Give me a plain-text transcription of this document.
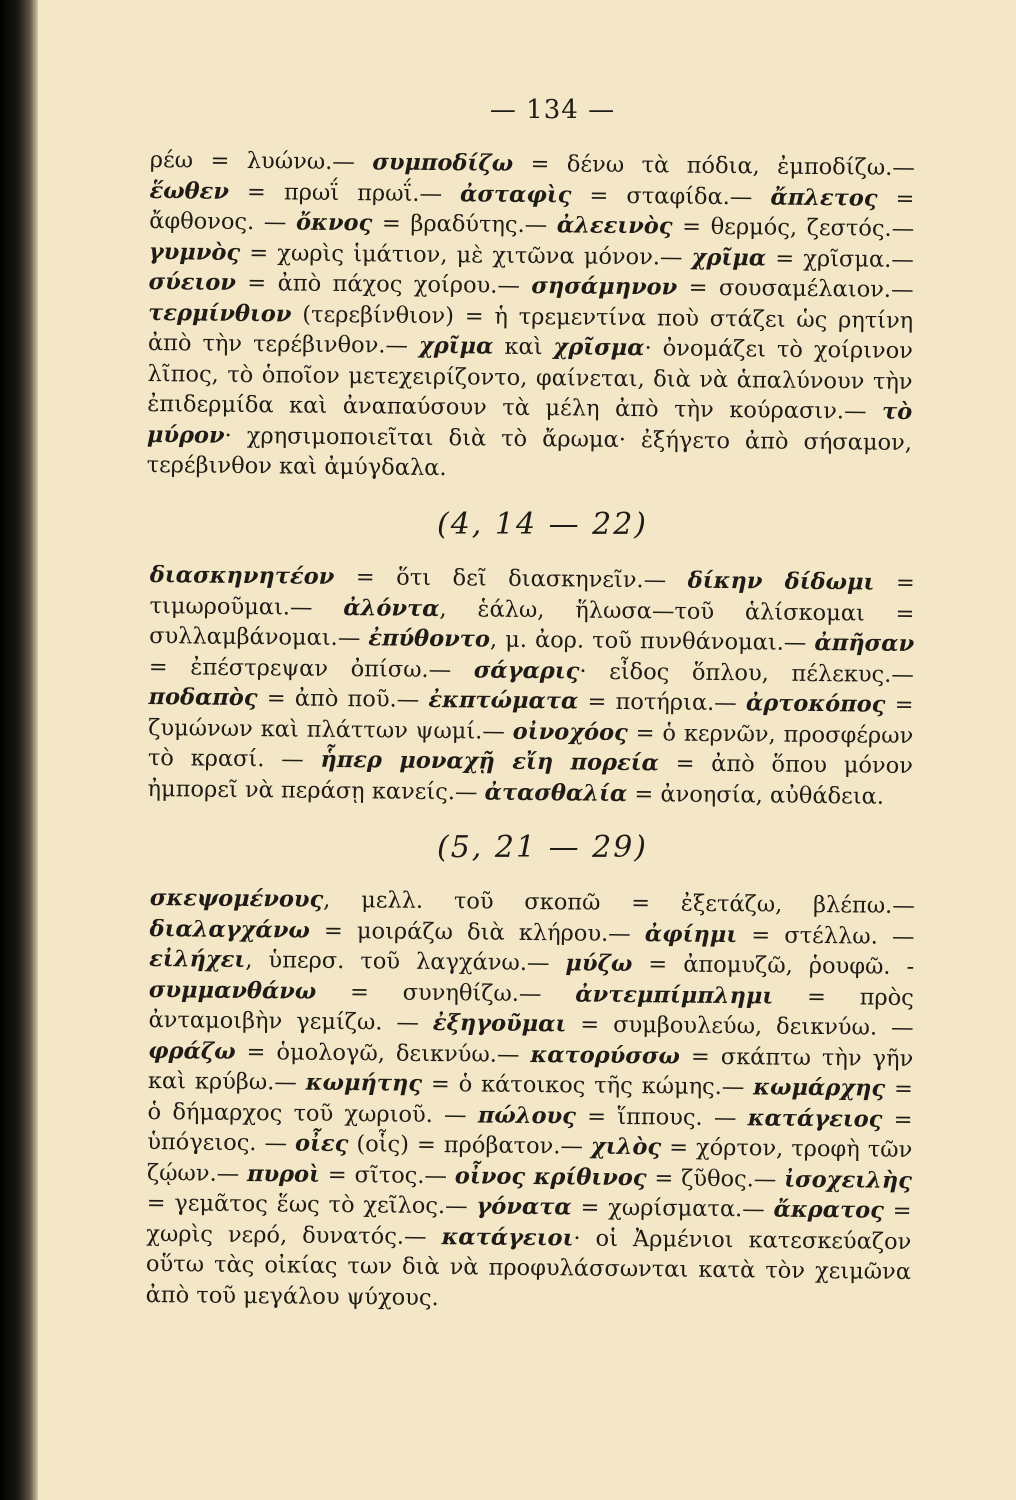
— 134 —

ρέω = λυώνω.— συμποδίζω = δένω τὰ πόδια, ἐμποδίζω.— ἕωθεν = πρωΐ πρωΐ.— ἀσταφὶς = σταφίδα.— ἄπλετος = ἄφθονος. — ὄκνος = βραδύτης.— ἀλεεινὸς = θερμός, ζεστός.— γυμνὸς = χωρὶς ἱμάτιον, μὲ χιτῶνα μόνον.— χρῖμα = χρῖσμα.— σύειον = ἀπὸ πάχος χοίρου.— σησάμηνον = σουσαμέλαιον.— τερμίνθιον (τερεβίνθιον) = ἡ τρεμεντίνα ποὺ στάζει ὡς ρητίνη ἀπὸ τὴν τερέβινθον.— χρῖμα καὶ χρῖσμα· ὀνομάζει τὸ χοίρινον λῖπος, τὸ ὁποῖον μετεχειρίζοντο, φαίνεται, διὰ νὰ ἁπαλύνουν τὴν ἐπιδερμίδα καὶ ἀναπαύσουν τὰ μέλη ἀπὸ τὴν κούρασιν.— τὸ μύρον· χρησιμοποιεῖται διὰ τὸ ἄρωμα· ἐξήγετο ἀπὸ σήσαμον, τερέβινθον καὶ ἀμύγδαλα.

(4, 14 — 22)

διασκηνητέον = ὅτι δεῖ διασκηνεῖν.— δίκην δίδωμι = τιμωροῦμαι.— ἀλόντα, ἑάλω, ἥλωσα—τοῦ ἁλίσκομαι = συλλαμβάνομαι.— ἐπύθοντο, μ. ἀορ. τοῦ πυνθάνομαι.— ἀπῆσαν = ἐπέστρεψαν ὀπίσω.— σάγαρις· εἶδος ὅπλου, πέλεκυς.— ποδαπὸς = ἀπὸ ποῦ.— ἐκπτώματα = ποτήρια.— ἀρτοκόπος = ζυμώνων καὶ πλάττων ψωμί.— οἰνοχόος = ὁ κερνῶν, προσφέρων τὸ κρασί. — ἧπερ μοναχῇ εἴη πορεία = ἀπὸ ὅπου μόνον ἠμπορεῖ νὰ περάσῃ κανείς.— ἀτασθαλία = ἀνοησία, αὐθάδεια.

(5, 21 — 29)

σκεψομένους, μελλ. τοῦ σκοπῶ = ἐξετάζω, βλέπω.— διαλαγχάνω = μοιράζω διὰ κλήρου.— ἀφίημι = στέλλω. — εἰλήχει, ὑπερσ. τοῦ λαγχάνω.— μύζω = ἀπομυζῶ, ῥουφῶ. - συμμανθάνω = συνηθίζω.— ἀντεμπίμπλημι = πρὸς ἀνταμοιβὴν γεμίζω. — ἐξηγοῦμαι = συμβουλεύω, δεικνύω. — φράζω = ὁμολογῶ, δεικνύω.— κατορύσσω = σκάπτω τὴν γῆν καὶ κρύβω.— κωμήτης = ὁ κάτοικος τῆς κώμης.— κωμάρχης = ὁ δήμαρχος τοῦ χωριοῦ. — πώλους = ἵππους. — κατάγειος = ὑπόγειος. — οἶες (οἷς) = πρόβατον.— χιλὸς = χόρτον, τροφὴ τῶν ζῴων.— πυροὶ = σῖτος.— οἶνος κρίθινος = ζῦθος.— ἰσοχειλὴς = γεμᾶτος ἕως τὸ χεῖλος.— γόνατα = χωρίσματα.— ἄκρατος = χωρὶς νερό, δυνατός.— κατάγειοι· οἱ Ἀρμένιοι κατεσκεύαζον οὕτω τὰς οἰκίας των διὰ νὰ προφυλάσσωνται κατὰ τὸν χειμῶνα ἀπὸ τοῦ μεγάλου ψύχους.
